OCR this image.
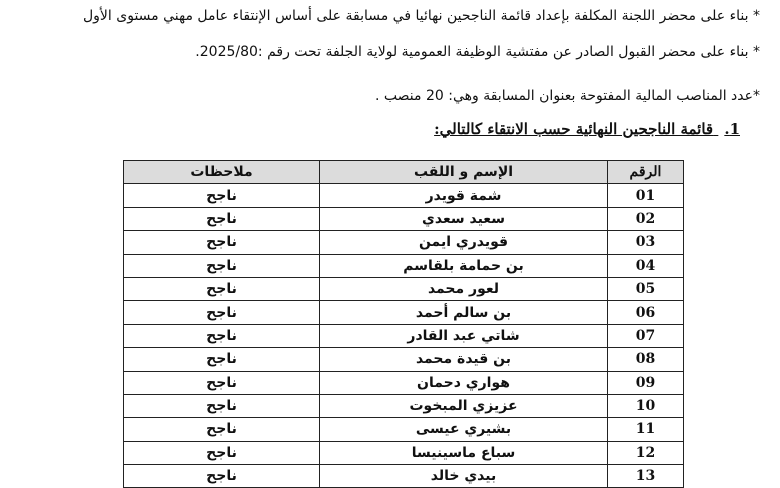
* بناء على محضر اللجنة المكلفة بإعداد قائمة الناجحين نهائيا في مسابقة على أساس الإنتقاء عامل مهني مستوى الأول
* بناء على محضر القبول الصادر عن مفتشية الوظيفة العمومية لولاية الجلفة تحت رقم :2025/80.
*عدد المناصب المالية المفتوحة بعنوان المسابقة وهي: 20 منصب .
1. قائمة الناجحين النهائية حسب الانتقاء كالتالي:
الرقم	الإسم و اللقب	ملاحظات
01	شمة قويدر	ناجح
02	سعيد سعدي	ناجح
03	قويدري ايمن	ناجح
04	بن حمامة بلقاسم	ناجح
05	لعور محمد	ناجح
06	بن سالم أحمد	ناجح
07	شاتي عبد القادر	ناجح
08	بن قيدة محمد	ناجح
09	هواري دحمان	ناجح
10	عزيزي المبخوت	ناجح
11	بشيري عيسى	ناجح
12	سباع ماسينيسا	ناجح
13	بيدي خالد	ناجح
